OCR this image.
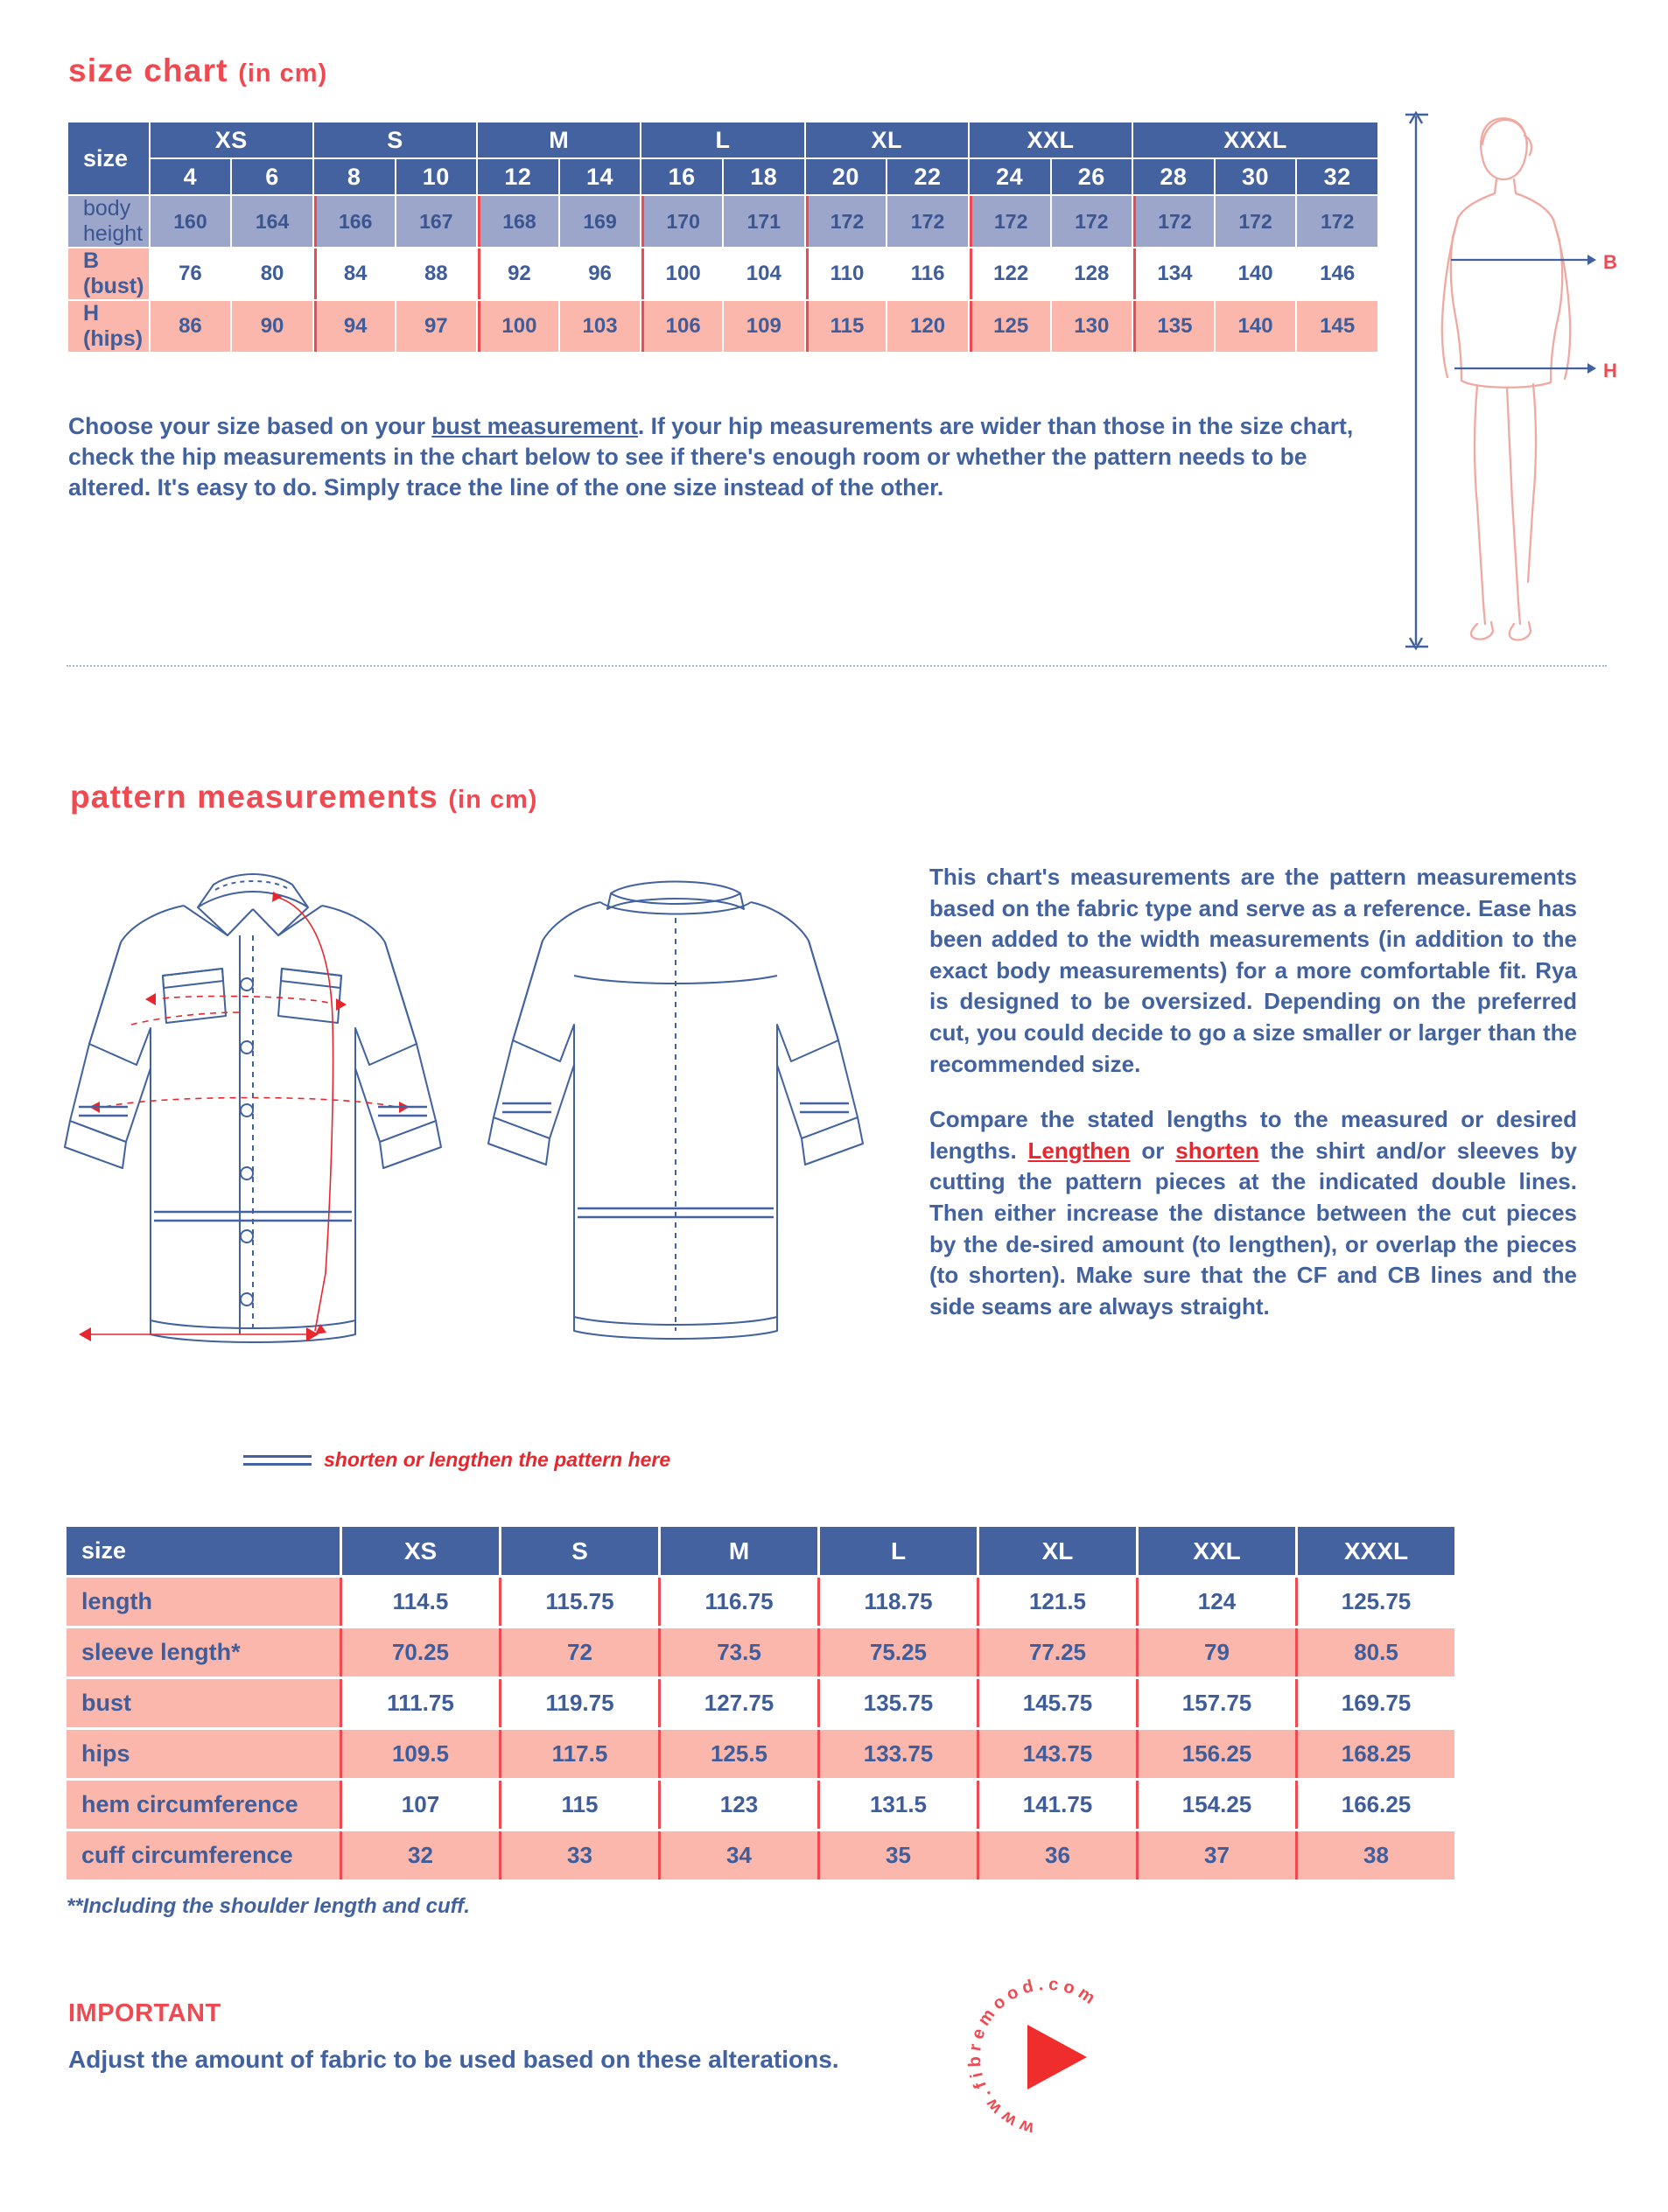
size chart (in cm)
size	XS		S		M		L		XL		XXL		XXXL		
	4	6	8	10	12	14	16	18	20	22	24	26	28	30	32
body height	160	164	166	167	168	169	170	171	172	172	172	172	172	172	172
B (bust)	76	80	84	88	92	96	100	104	110	116	122	128	134	140	146
H (hips)	86	90	94	97	100	103	106	109	115	120	125	130	135	140	145
Choose your size based on your bust measurement. If your hip measurements are wider than those in the size chart, check the hip measurements in the chart below to see if there's enough room or whether the pattern needs to be altered. It's easy to do. Simply trace the line of the one size instead of the other.
B
H
pattern measurements (in cm)
shorten or lengthen the pattern here

This chart's measurements are the pattern measurements based on the fabric type and serve as a reference. Ease has been added to the width measurements (in addition to the exact body measurements) for a more comfortable fit. Rya is designed to be oversized. Depending on the preferred cut, you could decide to go a size smaller or larger than the recommended size.

Compare the stated lengths to the measured or desired lengths. Lengthen or shorten the shirt and/or sleeves by cutting the pattern pieces at the indicated double lines. Then either increase the distance between the cut pieces by the de-sired amount (to lengthen), or overlap the pieces (to shorten). Make sure that the CF and CB lines and the side seams are always straight.

size	XS	S	M	L	XL	XXL	XXXL
length	114.5	115.75	116.75	118.75	121.5	124	125.75
sleeve length*	70.25	72	73.5	75.25	77.25	79	80.5
bust	111.75	119.75	127.75	135.75	145.75	157.75	169.75
hips	109.5	117.5	125.5	133.75	143.75	156.25	168.25
hem circumference	107	115	123	131.5	141.75	154.25	166.25
cuff circumference	32	33	34	35	36	37	38
**Including the shoulder length and cuff.
IMPORTANT
Adjust the amount of fabric to be used based on these alterations.
www.fibremood.com
